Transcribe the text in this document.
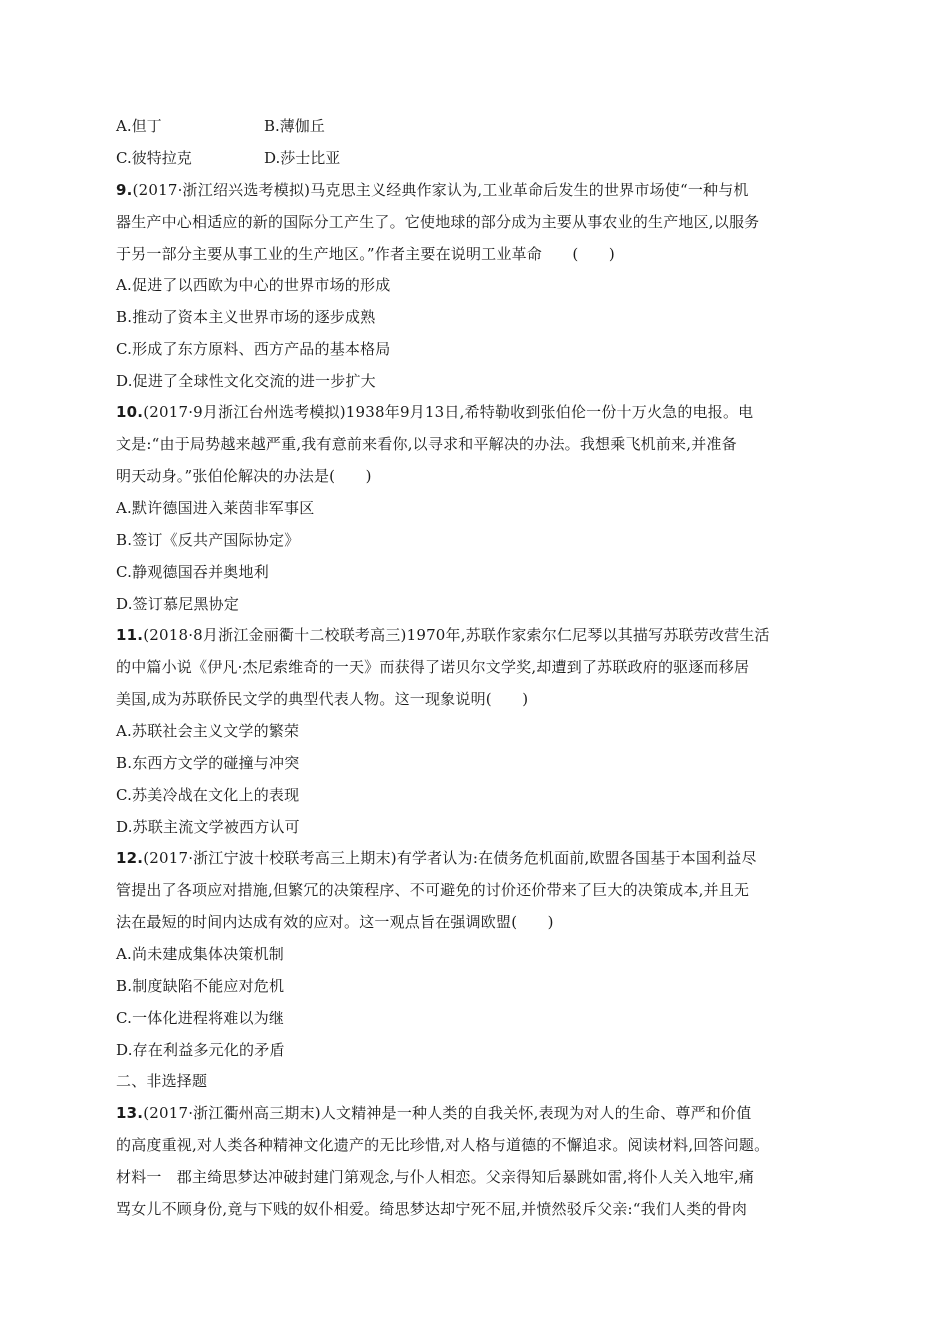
A.但丁	B.薄伽丘
C.彼特拉克	D.莎士比亚
9.(2017·浙江绍兴选考模拟)马克思主义经典作家认为,工业革命后发生的世界市场使“一种与机
器生产中心相适应的新的国际分工产生了。它使地球的部分成为主要从事农业的生产地区,以服务
于另一部分主要从事工业的生产地区。”作者主要在说明工业革命　　(　　)
A.促进了以西欧为中心的世界市场的形成
B.推动了资本主义世界市场的逐步成熟
C.形成了东方原料、西方产品的基本格局
D.促进了全球性文化交流的进一步扩大
10.(2017·9月浙江台州选考模拟)1938年9月13日,希特勒收到张伯伦一份十万火急的电报。电
文是:“由于局势越来越严重,我有意前来看你,以寻求和平解决的办法。我想乘飞机前来,并准备
明天动身。”张伯伦解决的办法是(　　)
A.默许德国进入莱茵非军事区
B.签订《反共产国际协定》
C.静观德国吞并奥地利
D.签订慕尼黑协定
11.(2018·8月浙江金丽衢十二校联考高三)1970年,苏联作家索尔仁尼琴以其描写苏联劳改营生活
的中篇小说《伊凡·杰尼索维奇的一天》而获得了诺贝尔文学奖,却遭到了苏联政府的驱逐而移居
美国,成为苏联侨民文学的典型代表人物。这一现象说明(　　)
A.苏联社会主义文学的繁荣
B.东西方文学的碰撞与冲突
C.苏美冷战在文化上的表现
D.苏联主流文学被西方认可
12.(2017·浙江宁波十校联考高三上期末)有学者认为:在债务危机面前,欧盟各国基于本国利益尽
管提出了各项应对措施,但繁冗的决策程序、不可避免的讨价还价带来了巨大的决策成本,并且无
法在最短的时间内达成有效的应对。这一观点旨在强调欧盟(　　)
A.尚未建成集体决策机制
B.制度缺陷不能应对危机
C.一体化进程将难以为继
D.存在利益多元化的矛盾
二、非选择题
13.(2017·浙江衢州高三期末)人文精神是一种人类的自我关怀,表现为对人的生命、尊严和价值
的高度重视,对人类各种精神文化遗产的无比珍惜,对人格与道德的不懈追求。阅读材料,回答问题。
材料一　郡主绮思梦达冲破封建门第观念,与仆人相恋。父亲得知后暴跳如雷,将仆人关入地牢,痛
骂女儿不顾身份,竟与下贱的奴仆相爱。绮思梦达却宁死不屈,并愤然驳斥父亲:“我们人类的骨肉
